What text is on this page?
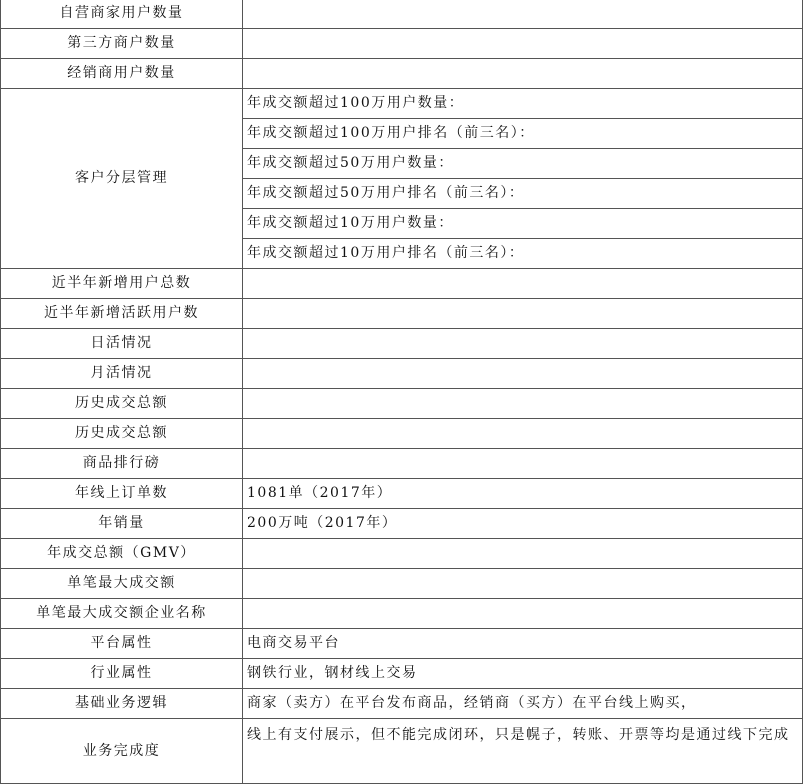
自营商家用户数量	
第三方商户数量	
经销商用户数量	
客户分层管理	年成交额超过100万用户数量：
	年成交额超过100万用户排名（前三名）：
	年成交额超过50万用户数量：
	年成交额超过50万用户排名（前三名）：
	年成交额超过10万用户数量：
	年成交额超过10万用户排名（前三名）：
近半年新增用户总数	
近半年新增活跃用户数	
日活情况	
月活情况	
历史成交总额	
历史成交总额	
商品排行磅	
年线上订单数	1081单（2017年）
年销量	200万吨（2017年）
年成交总额（GMV）	
单笔最大成交额	
单笔最大成交额企业名称	
平台属性	电商交易平台
行业属性	钢铁行业，钢材线上交易
基础业务逻辑	商家（卖方）在平台发布商品，经销商（买方）在平台线上购买，
业务完成度	线上有支付展示，但不能完成闭环，只是幌子，转账、开票等均是通过线下完成
